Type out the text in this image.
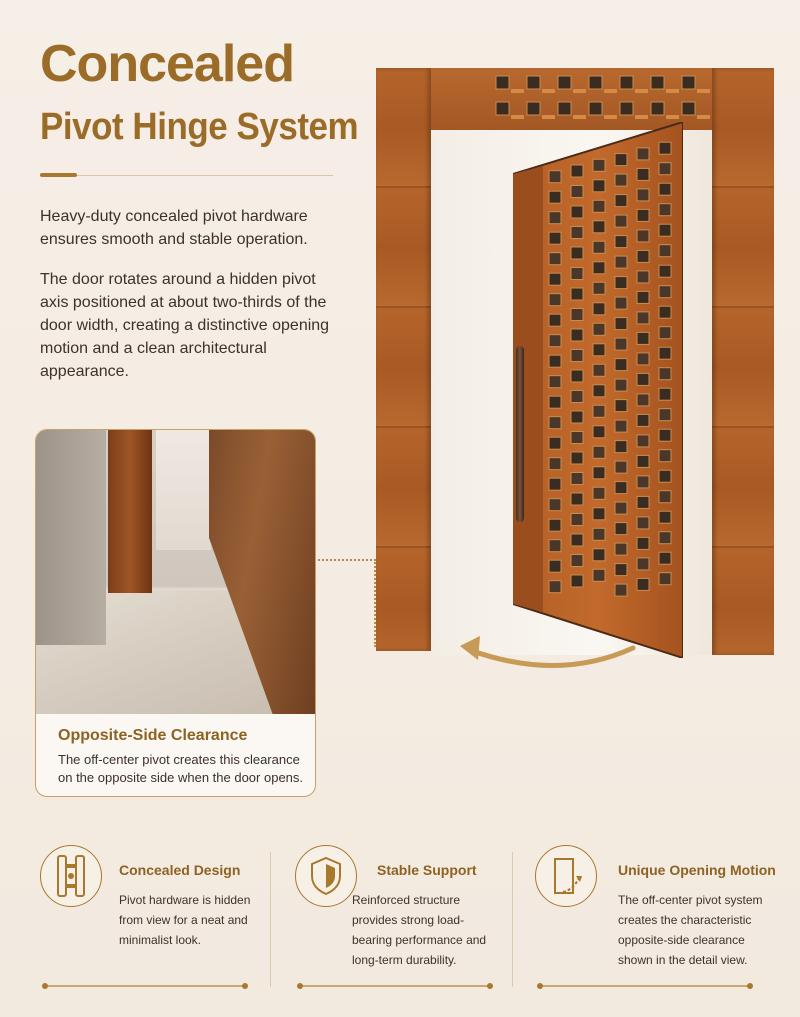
Concealed
Pivot Hinge System
Heavy-duty concealed pivot hardware ensures smooth and stable operation.
The door rotates around a hidden pivot axis positioned at about two-thirds of the door width, creating a distinctive opening motion and a clean architectural appearance.
Opposite-Side Clearance
The off-center pivot creates this clearance on the opposite side when the door opens.
Concealed Design
Pivot hardware is hidden from view for a neat and minimalist look.
Stable Support
Reinforced structure provides strong load-bearing performance and long-term durability.
Unique Opening Motion
The off-center pivot system creates the characteristic opposite-side clearance shown in the detail view.
